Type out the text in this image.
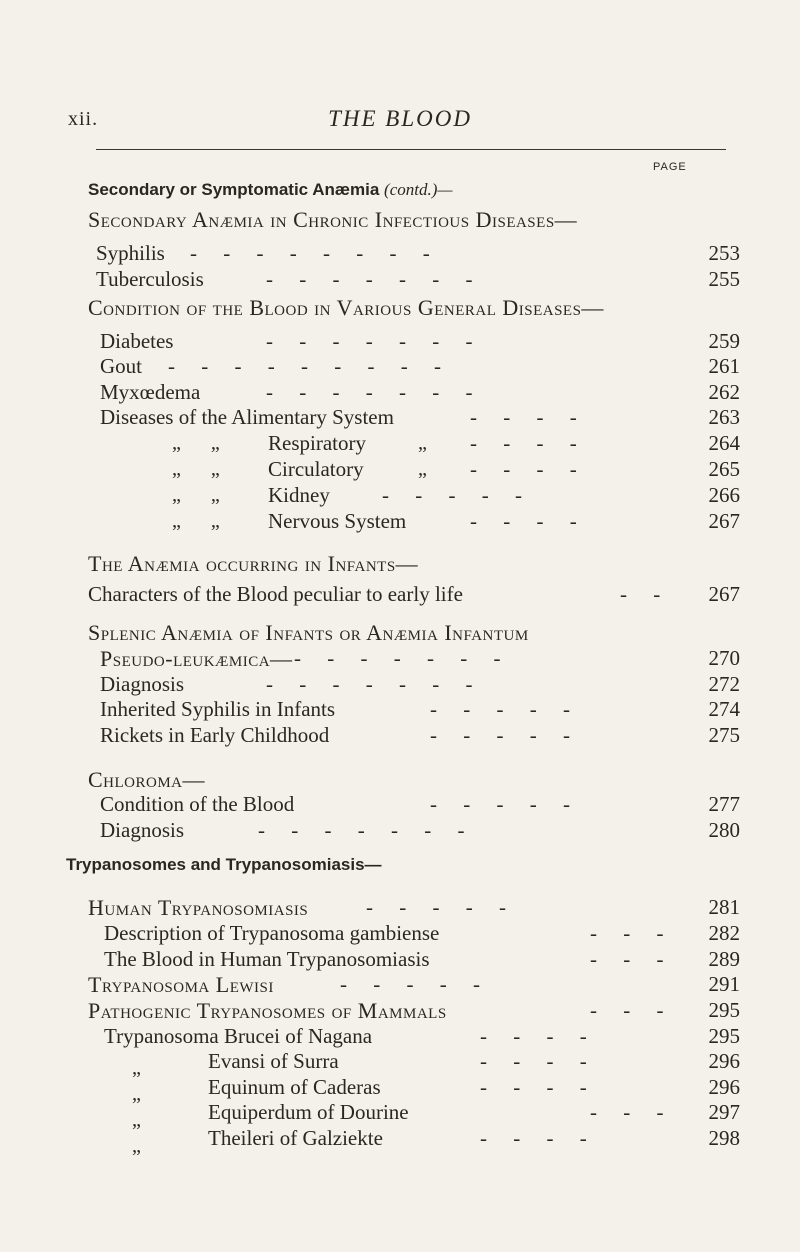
xii.	THE BLOOD
PAGE
Secondary or Symptomatic Anæmia (contd.)—
Secondary Anæmia in Chronic Infectious Diseases—
Syphilis -     -     -     -     -     -     -     -	253
Tuberculosis	-     -     -     -     -     -     -	255
Condition of the Blood in Various General Diseases—
Diabetes	-     -     -     -     -     -     -	259
Gout -     -     -     -     -     -     -     -     -	261
Myxœdema	-     -     -     -     -     -     -	262
Diseases of the Alimentary System	-     -     -     -	263
„      „ Respiratory	„ -     -     -     -	264
„      „ Circulatory	„ -     -     -     -	265
„      „ Kidney -     -     -     -     -	266
„      „ Nervous System	-     -     -     -	267
The Anæmia occurring in Infants—
Characters of the Blood peculiar to early life	-     -	267
Splenic Anæmia of Infants or Anæmia Infantum
Pseudo-leukæmica— -     -     -     -     -     -     -	270
Diagnosis	-     -     -     -     -     -     -	272
Inherited Syphilis in Infants	-     -     -     -     -	274
Rickets in Early Childhood	-     -     -     -     -	275
Chloroma—
Condition of the Blood	-     -     -     -     -	277
Diagnosis	-     -     -     -     -     -     -	280
Trypanosomes and Trypanosomiasis—
Human Trypanosomiasis	-     -     -     -     -	281
Description of Trypanosoma gambiense	-     -     -	282
The Blood in Human Trypanosomiasis	-     -     -	289
Trypanosoma Lewisi	-     -     -     -     -	291
Pathogenic Trypanosomes of Mammals	-     -     -	295
Trypanosoma Brucei of Nagana	-     -     -     -	295
„	Evansi of Surra	-     -     -     -	296
„	Equinum of Caderas	-     -     -     -	296
„	Equiperdum of Dourine	-     -     -	297
„	Theileri of Galziekte	-     -     -     -	298
